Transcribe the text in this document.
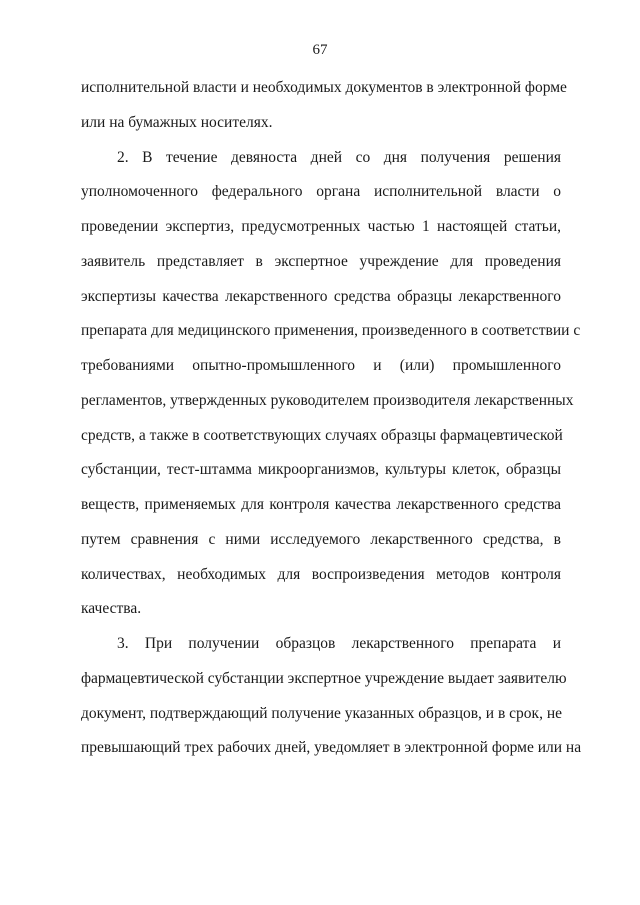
67
исполнительной власти и необходимых документов в электронной форме
или на бумажных носителях.
2. В течение девяноста дней со дня получения решения
уполномоченного федерального органа исполнительной власти о
проведении экспертиз, предусмотренных частью 1 настоящей статьи,
заявитель представляет в экспертное учреждение для проведения
экспертизы качества лекарственного средства образцы лекарственного
препарата для медицинского применения, произведенного в соответствии с
требованиями опытно-промышленного и (или) промышленного
регламентов, утвержденных руководителем производителя лекарственных
средств, а также в соответствующих случаях образцы фармацевтической
субстанции, тест-штамма микроорганизмов, культуры клеток, образцы
веществ, применяемых для контроля качества лекарственного средства
путем сравнения с ними исследуемого лекарственного средства, в
количествах, необходимых для воспроизведения методов контроля
качества.
3. При получении образцов лекарственного препарата и
фармацевтической субстанции экспертное учреждение выдает заявителю
документ, подтверждающий получение указанных образцов, и в срок, не
превышающий трех рабочих дней, уведомляет в электронной форме или на
